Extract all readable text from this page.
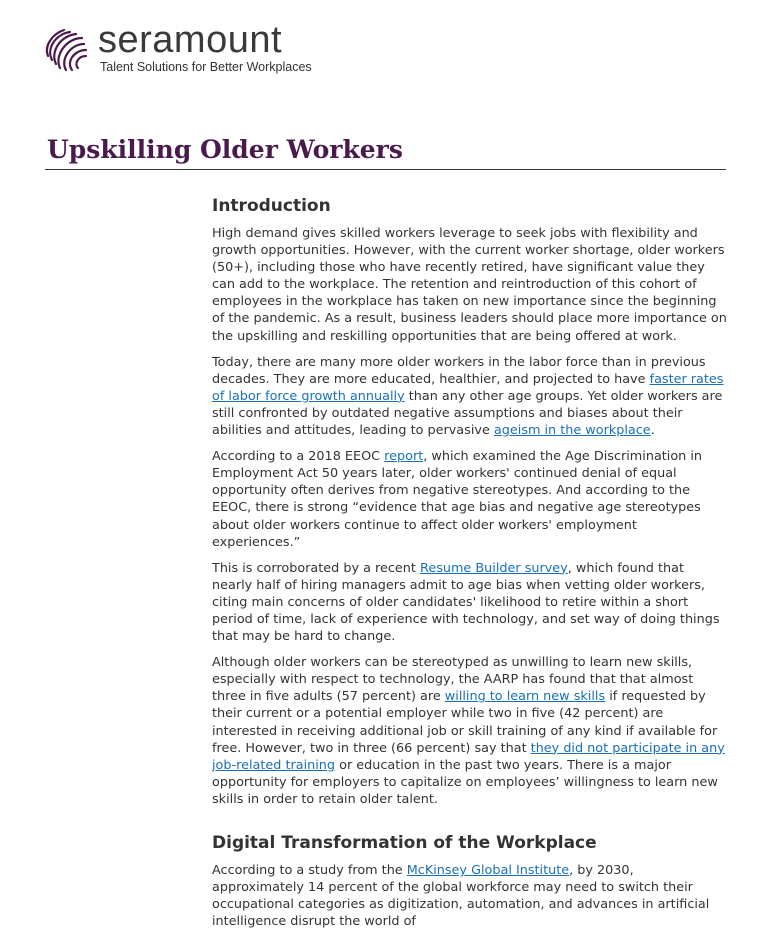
seramount
Talent Solutions for Better Workplaces
Upskilling Older Workers
Introduction

High demand gives skilled workers leverage to seek jobs with flexibility and growth opportunities. However, with the current worker shortage, older workers (50+), including those who have recently retired, have significant value they can add to the workplace. The retention and reintroduction of this cohort of employees in the workplace has taken on new importance since the beginning of the pandemic. As a result, business leaders should place more importance on the upskilling and reskilling opportunities that are being offered at work.

Today, there are many more older workers in the labor force than in previous decades. They are more educated, healthier, and projected to have faster rates of labor force growth annually than any other age groups. Yet older workers are still confronted by outdated negative assumptions and biases about their abilities and attitudes, leading to pervasive ageism in the workplace.

According to a 2018 EEOC report, which examined the Age Discrimination in Employment Act 50 years later, older workers' continued denial of equal opportunity often derives from negative stereotypes. And according to the EEOC, there is strong “evidence that age bias and negative age stereotypes about older workers continue to affect older workers' employment experiences.”

This is corroborated by a recent Resume Builder survey, which found that nearly half of hiring managers admit to age bias when vetting older workers, citing main concerns of older candidates' likelihood to retire within a short period of time, lack of experience with technology, and set way of doing things that may be hard to change.

Although older workers can be stereotyped as unwilling to learn new skills, especially with respect to technology, the AARP has found that that almost three in five adults (57 percent) are willing to learn new skills if requested by their current or a potential employer while two in five (42 percent) are interested in receiving additional job or skill training of any kind if available for free. However, two in three (66 percent) say that they did not participate in any job-related training or education in the past two years. There is a major opportunity for employers to capitalize on employees’ willingness to learn new skills in order to retain older talent.

Digital Transformation of the Workplace

According to a study from the McKinsey Global Institute, by 2030, approximately 14 percent of the global workforce may need to switch their occupational categories as digitization, automation, and advances in artificial intelligence disrupt the world of
